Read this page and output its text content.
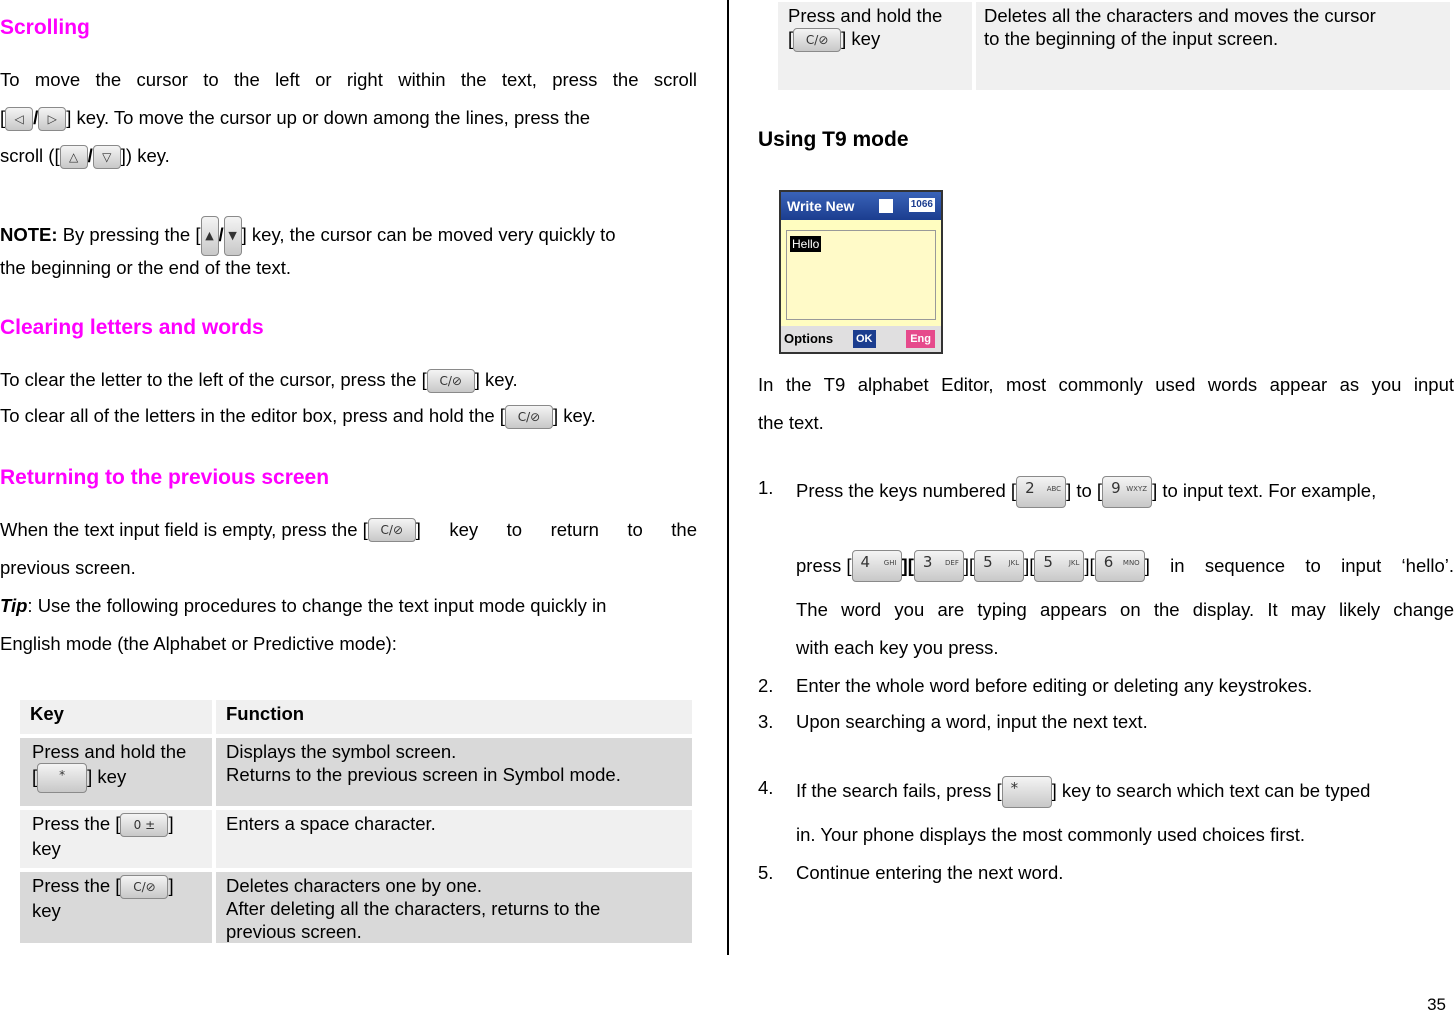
Scrolling
To move the cursor to the left or right within the text, press the scroll
[ ◁ / ▷ ] key. To move the cursor up or down among the lines, press the
scroll ([ △ / ▽ ]) key.
NOTE: By pressing the [ ▲ / ▼ ] key, the cursor can be moved very quickly to
the beginning or the end of the text.
Clearing letters and words
To clear the letter to the left of the cursor, press the [ C/⊘ ] key.
To clear all of the letters in the editor box, press and hold the [ C/⊘ ] key.
Returning to the previous screen
When the text input field is empty, press the [	C/⊘ ] key to return to the
previous screen.
Tip: Use the following procedures to change the text input mode quickly in
English mode (the Alphabet or Predictive mode):
Key	Function
Press and hold the
[ * ] key	Displays the symbol screen.
Returns to the previous screen in Symbol mode.
Press the [ 0 ± ]
key	Enters a space character.
Press the [ C/⊘ ]
key	Deletes characters one by one.
After deleting all the characters, returns to the
previous screen.
Press and hold the
[ C/⊘ ] key	Deletes all the characters and moves the cursor
to the beginning of the input screen.
Using T9 mode
Write New	1066
Hello
Options OK	Eng
In the T9 alphabet Editor, most commonly used words appear as you input
the text.
1. Press the keys numbered [ 2 ABC ] to [ 9 WXYZ ] to input text. For example,
press [ 4 GHI ][ 3 DEF ][ 5 JKL ][ 5 JKL ][ 6 MNO ] in sequence to input ‘hello’.
The word you are typing appears on the display. It may likely change
with each key you press.
2. Enter the whole word before editing or deleting any keystrokes.
3. Upon searching a word, input the next text.
4. If the search fails, press [ * ] key to search which text can be typed
in. Your phone displays the most commonly used choices first.
5. Continue entering the next word.
35
